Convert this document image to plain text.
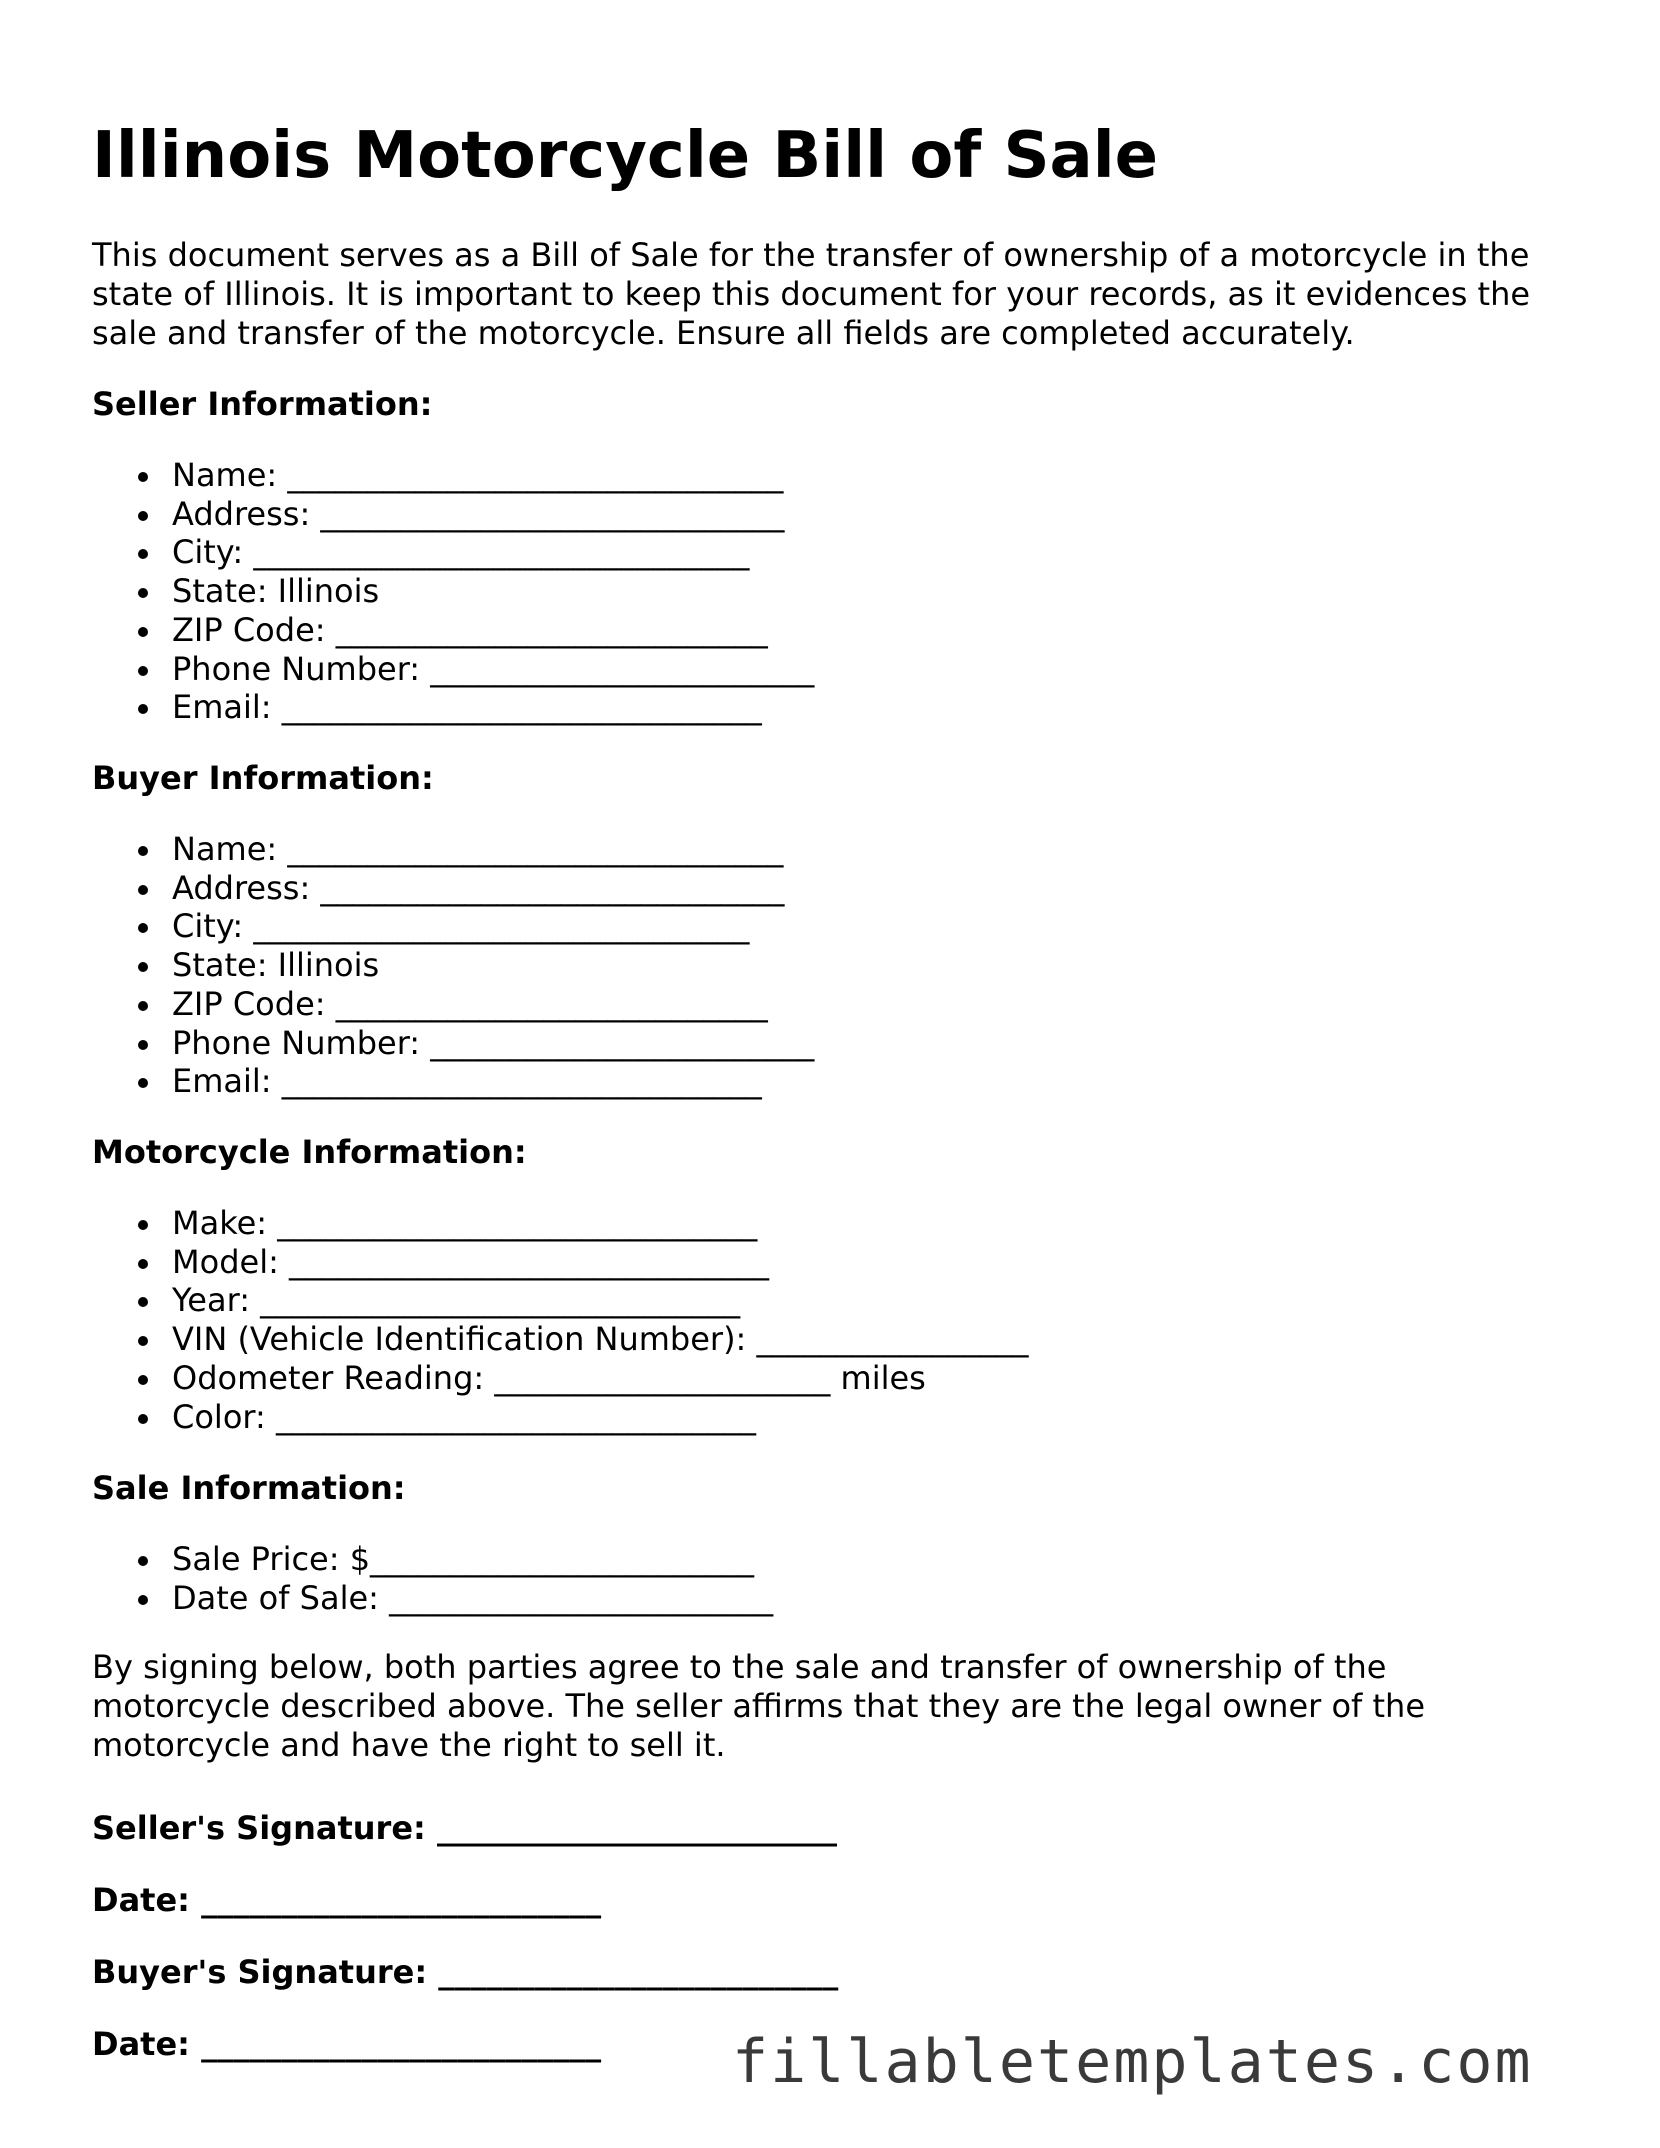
Illinois Motorcycle Bill of Sale

This document serves as a Bill of Sale for the transfer of ownership of a motorcycle in the state of Illinois. It is important to keep this document for your records, as it evidences the sale and transfer of the motorcycle. Ensure all fields are completed accurately.

Seller Information:
Name: _______________________________
Address: _____________________________
City: _______________________________
State: Illinois
ZIP Code: ___________________________
Phone Number: ________________________
Email: ______________________________
Buyer Information:
Name: _______________________________
Address: _____________________________
City: _______________________________
State: Illinois
ZIP Code: ___________________________
Phone Number: ________________________
Email: ______________________________
Motorcycle Information:
Make: ______________________________
Model: ______________________________
Year: ______________________________
VIN (Vehicle Identification Number): _________________
Odometer Reading: _____________________ miles
Color: ______________________________
Sale Information:
Sale Price: $________________________
Date of Sale: ________________________

By signing below, both parties agree to the sale and transfer of ownership of the motorcycle described above. The seller affirms that they are the legal owner of the motorcycle and have the right to sell it.

Seller's Signature: _________________________

Date: _________________________

Buyer's Signature: _________________________

Date: _________________________ fillabletemplates.com
